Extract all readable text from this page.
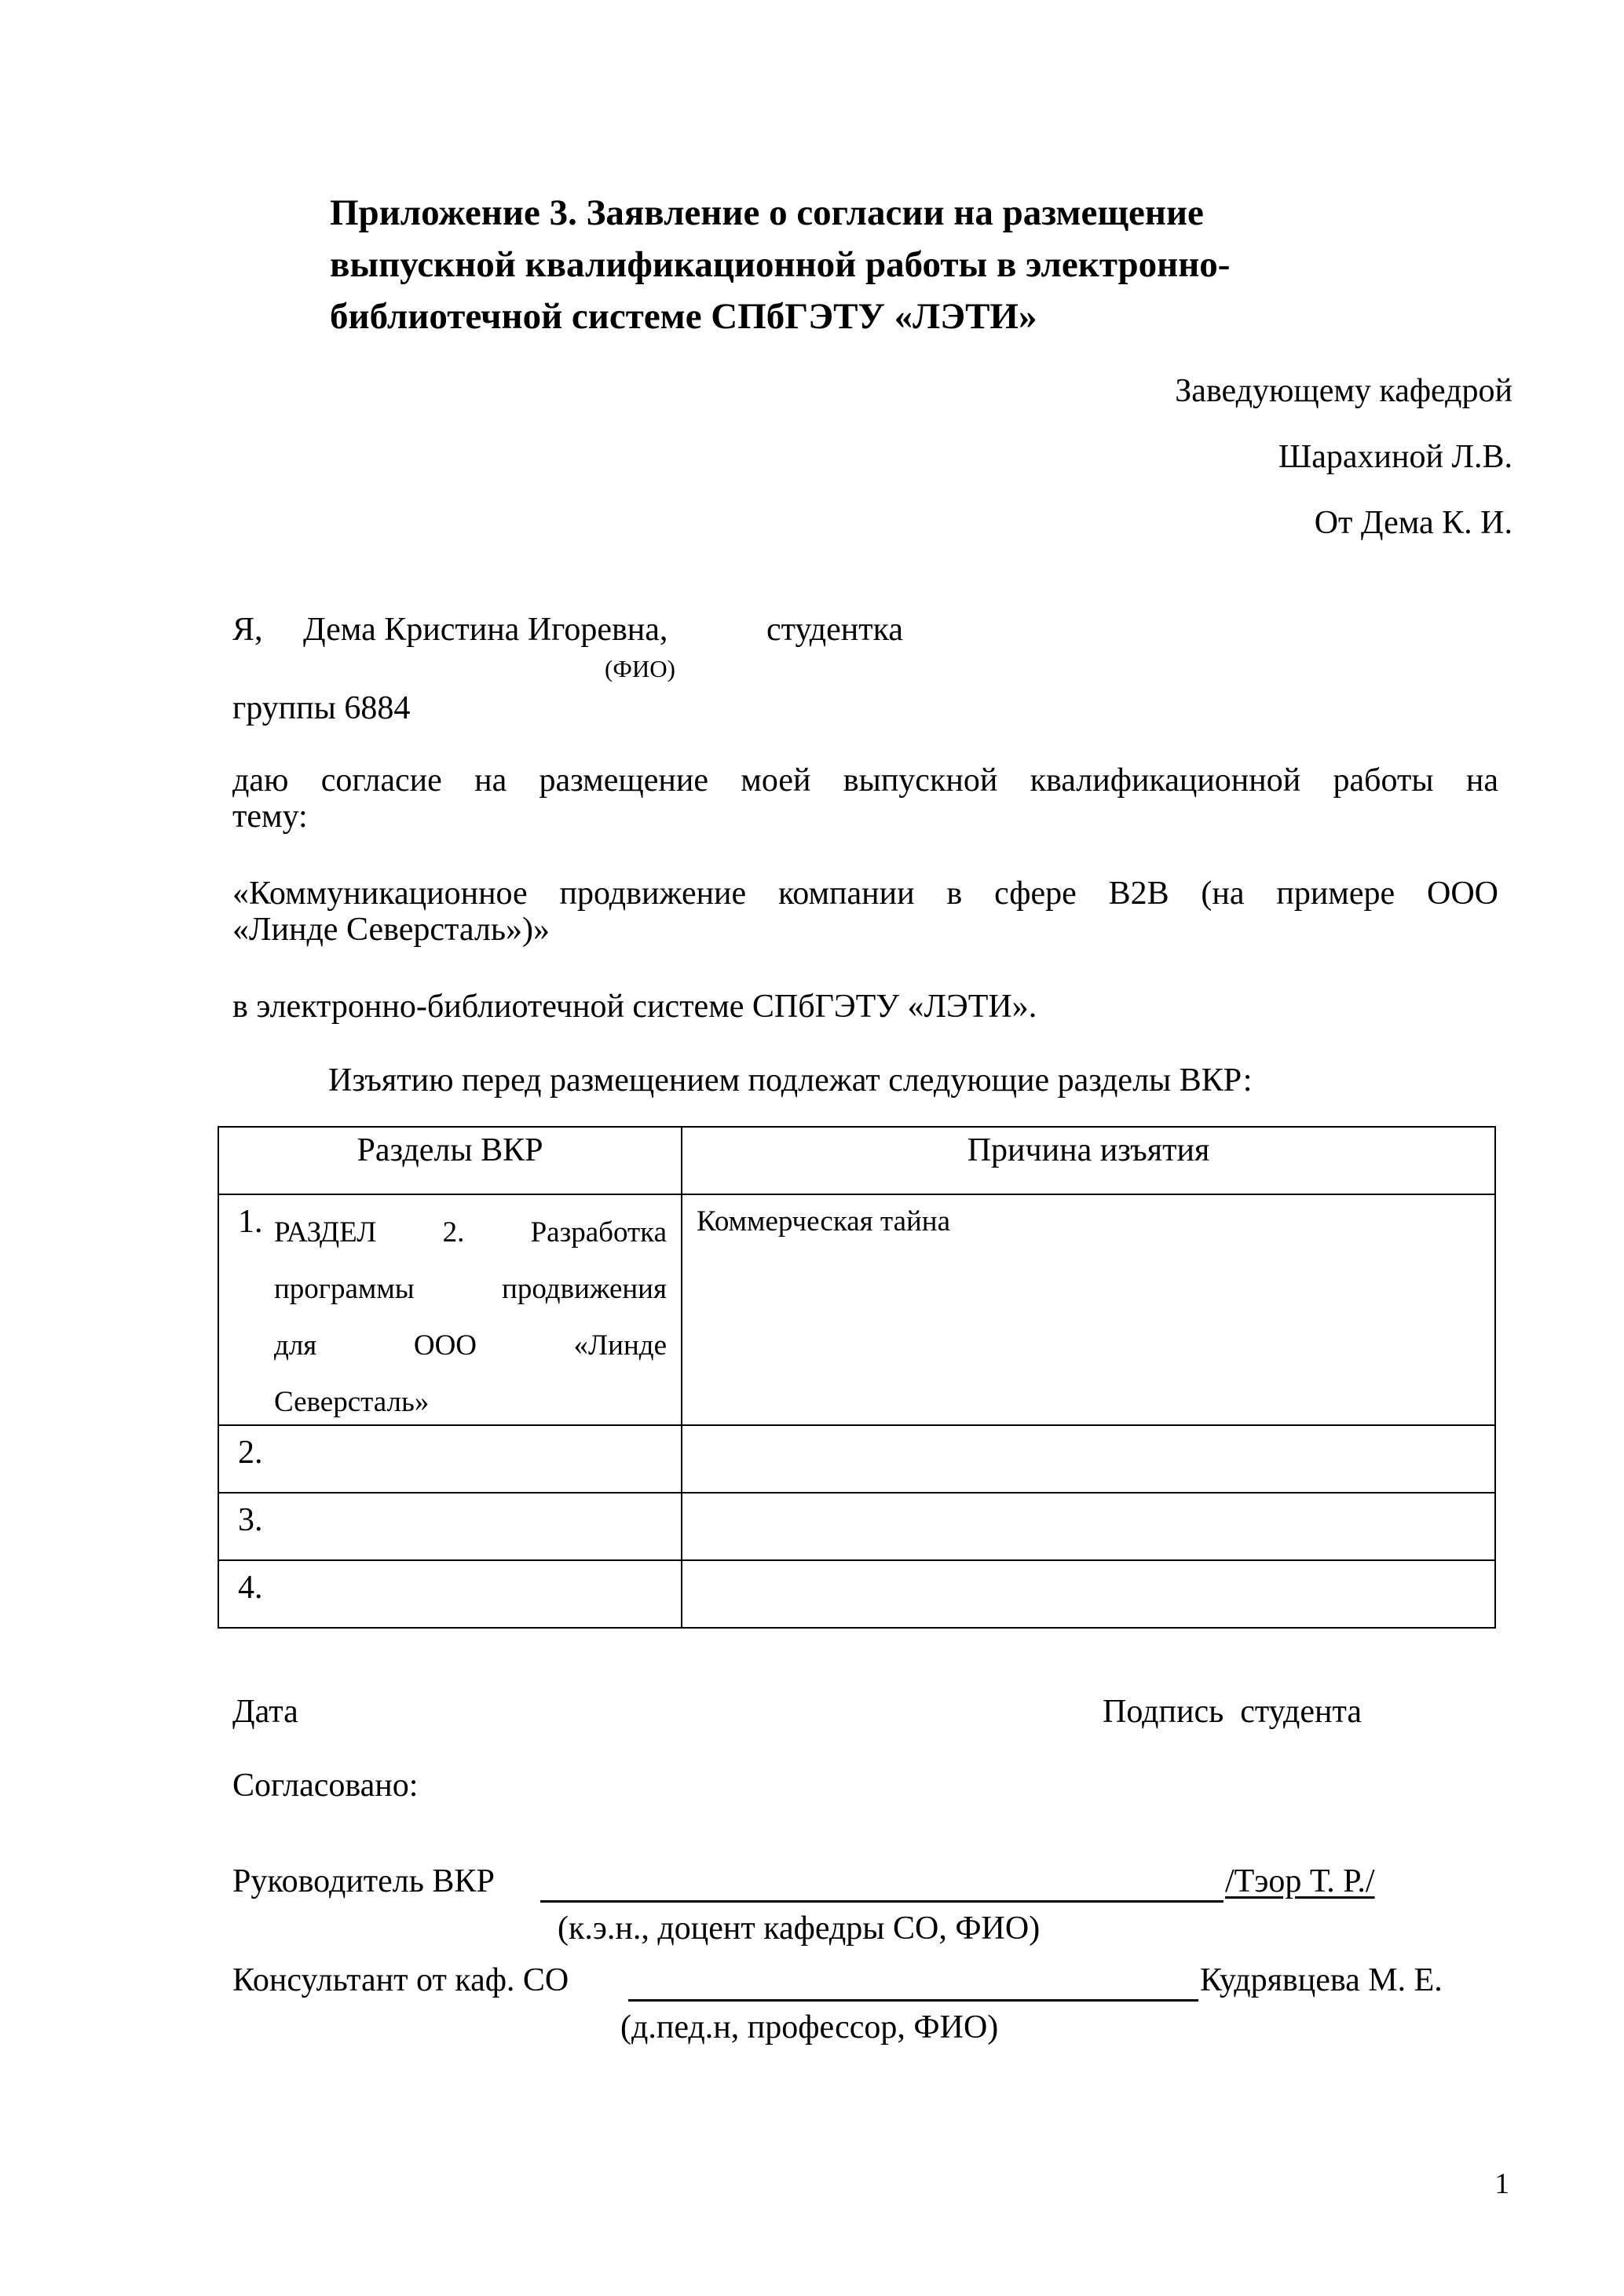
Приложение 3. Заявление о согласии на размещение
выпускной квалификационной работы в электронно-
библиотечной системе СПбГЭТУ «ЛЭТИ»
Заведующему кафедрой
Шарахиной Л.В.
От Дема К. И.
Я, Дема Кристина Игоревна,	студентка
(ФИО)
группы 6884
даю согласие на размещение моей выпускной квалификационной работы на
тему:
«Коммуникационное продвижение компании в сфере B2B (на примере ООО
«Линде Северсталь»)»
в электронно-библиотечной системе СПбГЭТУ «ЛЭТИ».
Изъятию перед размещением подлежат следующие разделы ВКР:
Разделы ВКР	Причина изъятия

1. РАЗДЕЛ 2. Разработка
программы продвижения
для ООО «Линде
Северсталь»	Коммерческая тайна

2.	

3.	

4.	

Дата	Подпись  студента
Согласовано:
Руководитель ВКР	/Тэор Т. Р./
(к.э.н., доцент кафедры СО, ФИО)
Консультант от каф. СО	Кудрявцева М. Е.
(д.пед.н, профессор, ФИО)
1
